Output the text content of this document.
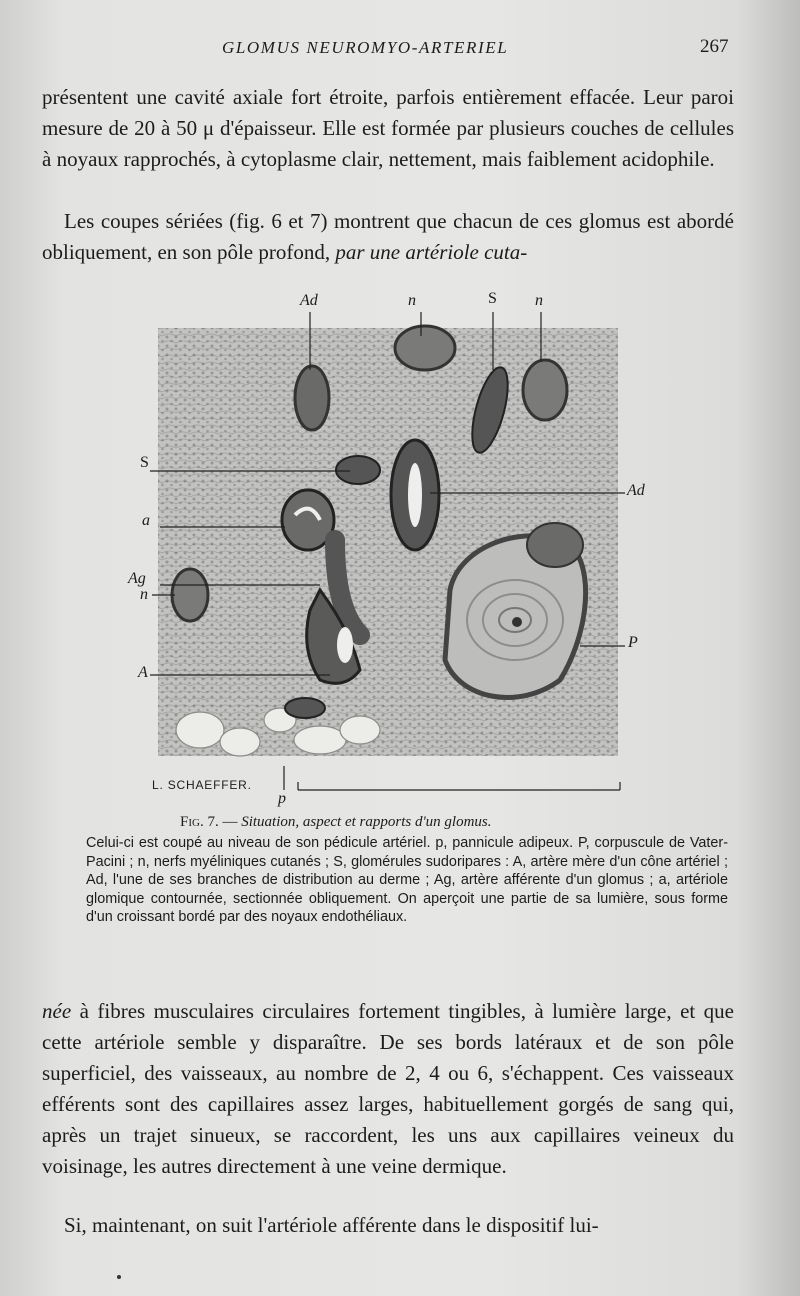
GLOMUS NEUROMYO-ARTERIEL	267
présentent une cavité axiale fort étroite, parfois entièrement effacée. Leur paroi mesure de 20 à 50 μ d'épaisseur. Elle est formée par plusieurs couches de cellules à noyaux rapprochés, à cytoplasme clair, nettement, mais faiblement acidophile.
Les coupes sériées (fig. 6 et 7) montrent que chacun de ces glomus est abordé obliquement, en son pôle profond, par une artériole cuta-
Ad	n	S n
S
a
Ag
n
A
Ad
P
p
L. SCHAEFFER.
Fig. 7. — Situation, aspect et rapports d'un glomus.
Celui-ci est coupé au niveau de son pédicule artériel. p, pannicule adipeux. P, corpuscule de Vater-Pacini ; n, nerfs myéliniques cutanés ; S, glomérules sudoripares : A, artère mère d'un cône artériel ; Ad, l'une de ses branches de distribution au derme ; Ag, artère afférente d'un glomus ; a, artériole glomique contournée, sectionnée obliquement. On aperçoit une partie de sa lumière, sous forme d'un croissant bordé par des noyaux endothéliaux.
née à fibres musculaires circulaires fortement tingibles, à lumière large, et que cette artériole semble y disparaître. De ses bords latéraux et de son pôle superficiel, des vaisseaux, au nombre de 2, 4 ou 6, s'échappent. Ces vaisseaux efférents sont des capillaires assez larges, habituellement gorgés de sang qui, après un trajet sinueux, se raccordent, les uns aux capillaires veineux du voisinage, les autres directement à une veine dermique.
Si, maintenant, on suit l'artériole afférente dans le dispositif lui-
